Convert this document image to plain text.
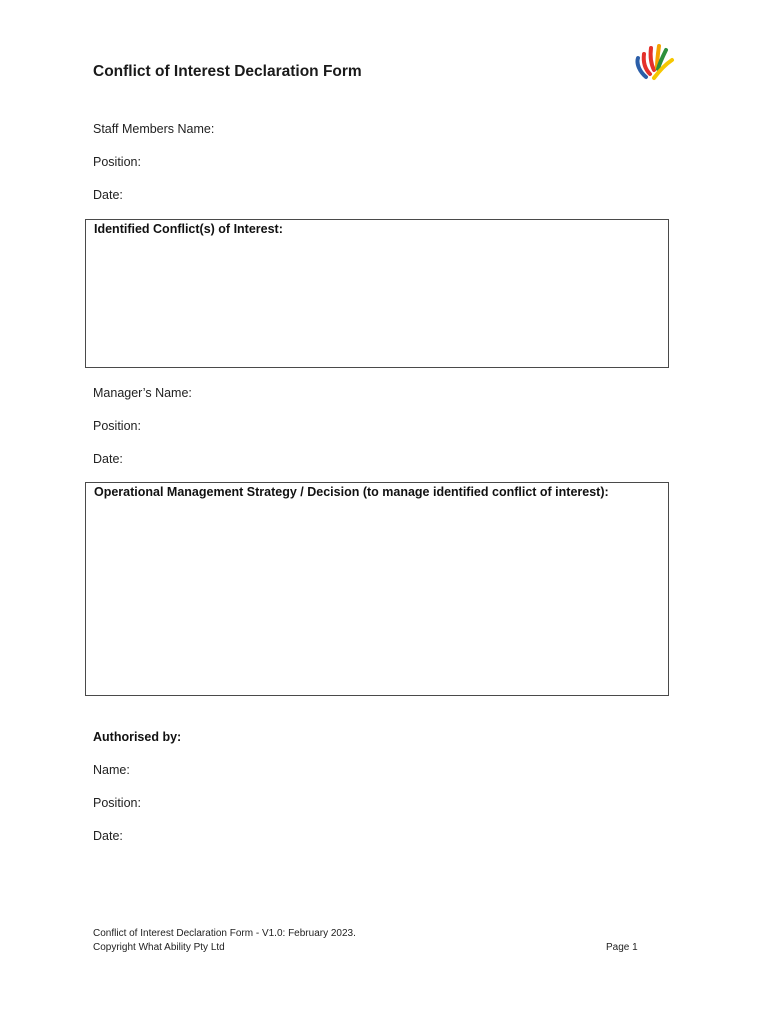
Conflict of Interest Declaration Form
Staff Members Name:
Position:
Date:
Identified Conflict(s) of Interest:
Manager’s Name:
Position:
Date:
Operational Management Strategy / Decision (to manage identified conflict of interest):
Authorised by:
Name:
Position:
Date:
Conflict of Interest Declaration Form - V1.0: February 2023.
Copyright What Ability Pty Ltd	Page 1
